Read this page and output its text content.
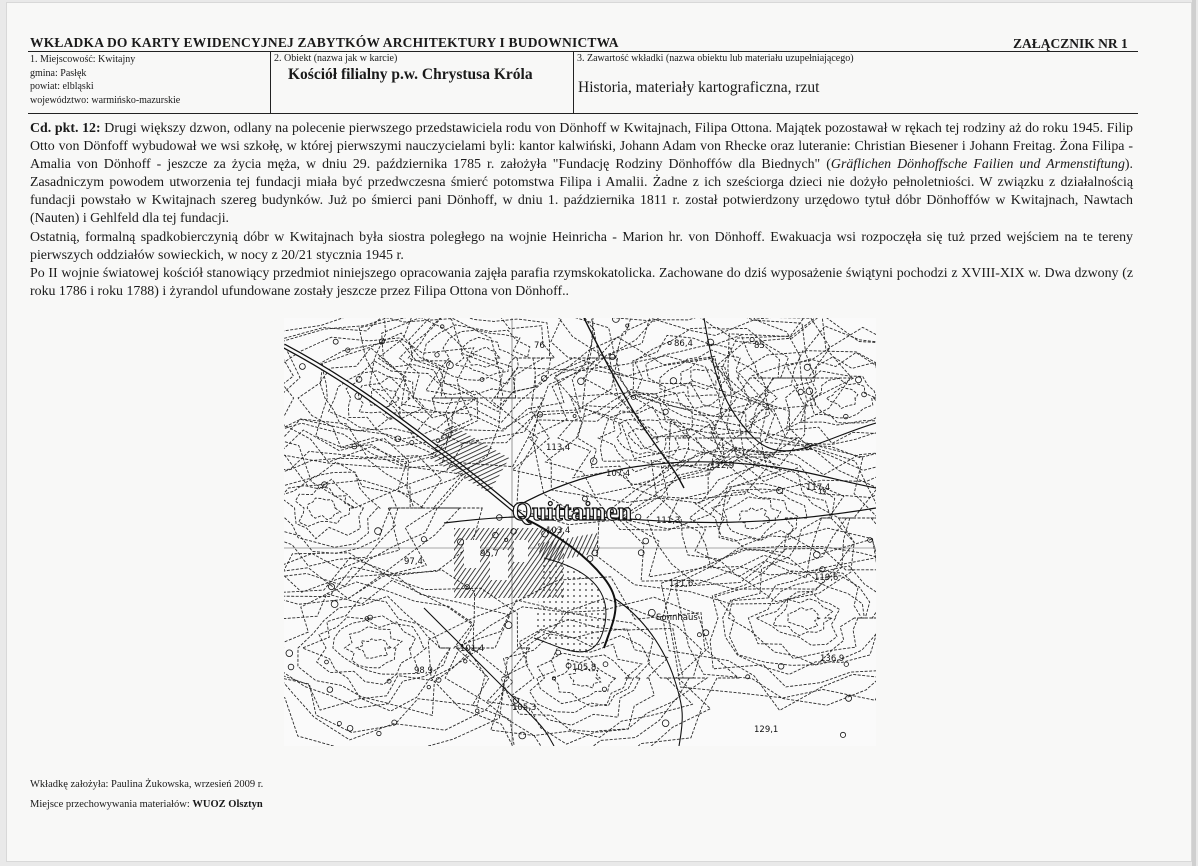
WKŁADKA DO KARTY EWIDENCYJNEJ ZABYTKÓW ARCHITEKTURY I BUDOWNICTWA	ZAŁĄCZNIK NR 1
1. Miejscowość: Kwitajny
gmina: Pasłęk
powiat: elbląski
województwo: warmińsko-mazurskie
2. Obiekt (nazwa jak w karcie)
Kościół filialny p.w. Chrystusa Króla
3. Zawartość wkładki (nazwa obiektu lub materiału uzupełniającego)
Historia, materiały kartograficzna, rzut

Cd. pkt. 12: Drugi większy dzwon, odlany na polecenie pierwszego przedstawiciela rodu von Dönhoff w Kwitajnach, Filipa Ottona. Majątek pozostawał w rękach tej rodziny aż do roku 1945. Filip Otto von Dönfoff wybudował we wsi szkołę, w której pierwszymi nauczycielami byli: kantor kalwiński, Johann Adam von Rhecke oraz luteranie: Christian Biesener i Johann Freitag. Żona Filipa - Amalia von Dönhoff - jeszcze za życia męża, w dniu 29. października 1785 r. założyła "Fundację Rodziny Dönhoffów dla Biednych" (Gräflichen Dönhoffsche Failien und Armenstiftung). Zasadniczym powodem utworzenia tej fundacji miała być przedwczesna śmierć potomstwa Filipa i Amalii. Żadne z ich sześciorga dzieci nie dożyło pełnoletniości. W związku z działalnością fundacji powstało w Kwitajnach szereg budynków. Już po śmierci pani Dönhoff, w dniu 1. października 1811 r. został potwierdzony urzędowo tytuł dóbr Dönhoffów w Kwitajnach, Nawtach (Nauten) i Gehlfeld dla tej fundacji.

Ostatnią, formalną spadkobierczynią dóbr w Kwitajnach była siostra poległego na wojnie Heinricha - Marion hr. von Dönhoff. Ewakuacja wsi rozpoczęła się tuż przed wejściem na te tereny pierwszych oddziałów sowieckich, w nocy z 20/21 stycznia 1945 r.

Po II wojnie światowej kościół stanowiący przedmiot niniejszego opracowania zajęła parafia rzymskokatolicka. Zachowane do dziś wyposażenie świątyni pochodzi z XVIII-XIX w. Dwa dzwony (z roku 1786 i roku 1788) i żyrandol ufundowane zostały jeszcze przez Filipa Ottona von Dönhoff..

113,4
107,4
112,9
117,4
111,3
103,4
95,7
97,4
111,6
119,6
Sonnhaus
101,4
105,8
136,9
98,9
105,3
129,1
86,4
76	85
Quittainen
Wkładkę założyła: Paulina Żukowska, wrzesień 2009 r.
Miejsce przechowywania materiałów: WUOZ Olsztyn
